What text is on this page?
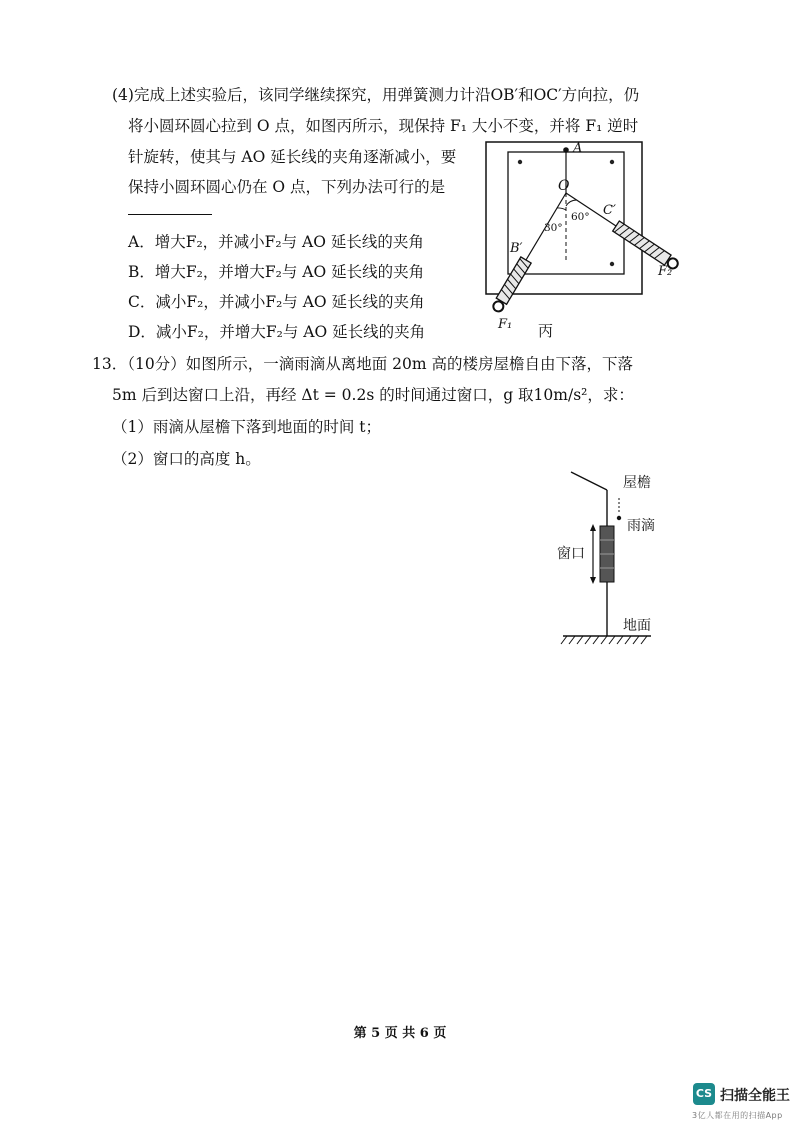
(4)完成上述实验后，该同学继续探究，用弹簧测力计沿OB′和OC′方向拉，仍
将小圆环圆心拉到 O 点，如图丙所示，现保持 F₁ 大小不变，并将 F₁ 逆时
针旋转，使其与 AO 延长线的夹角逐渐减小，要
保持小圆环圆心仍在 O 点，下列办法可行的是
A．增大F₂，并减小F₂与 AO 延长线的夹角
B．增大F₂，并增大F₂与 AO 延长线的夹角
C．减小F₂，并减小F₂与 AO 延长线的夹角
D．减小F₂，并增大F₂与 AO 延长线的夹角
A
O
C′
B′
30°
60°
F₁
F₂
丙
13．（10分）如图所示，一滴雨滴从离地面 20m 高的楼房屋檐自由下落，下落
5m 后到达窗口上沿，再经 Δt = 0.2s 的时间通过窗口，g 取10m/s²，求：
（1）雨滴从屋檐下落到地面的时间 t；
（2）窗口的高度 h。
屋檐
雨滴
窗口
地面
第 5 页 共 6 页
CS 扫描全能王
3亿人都在用的扫描App
